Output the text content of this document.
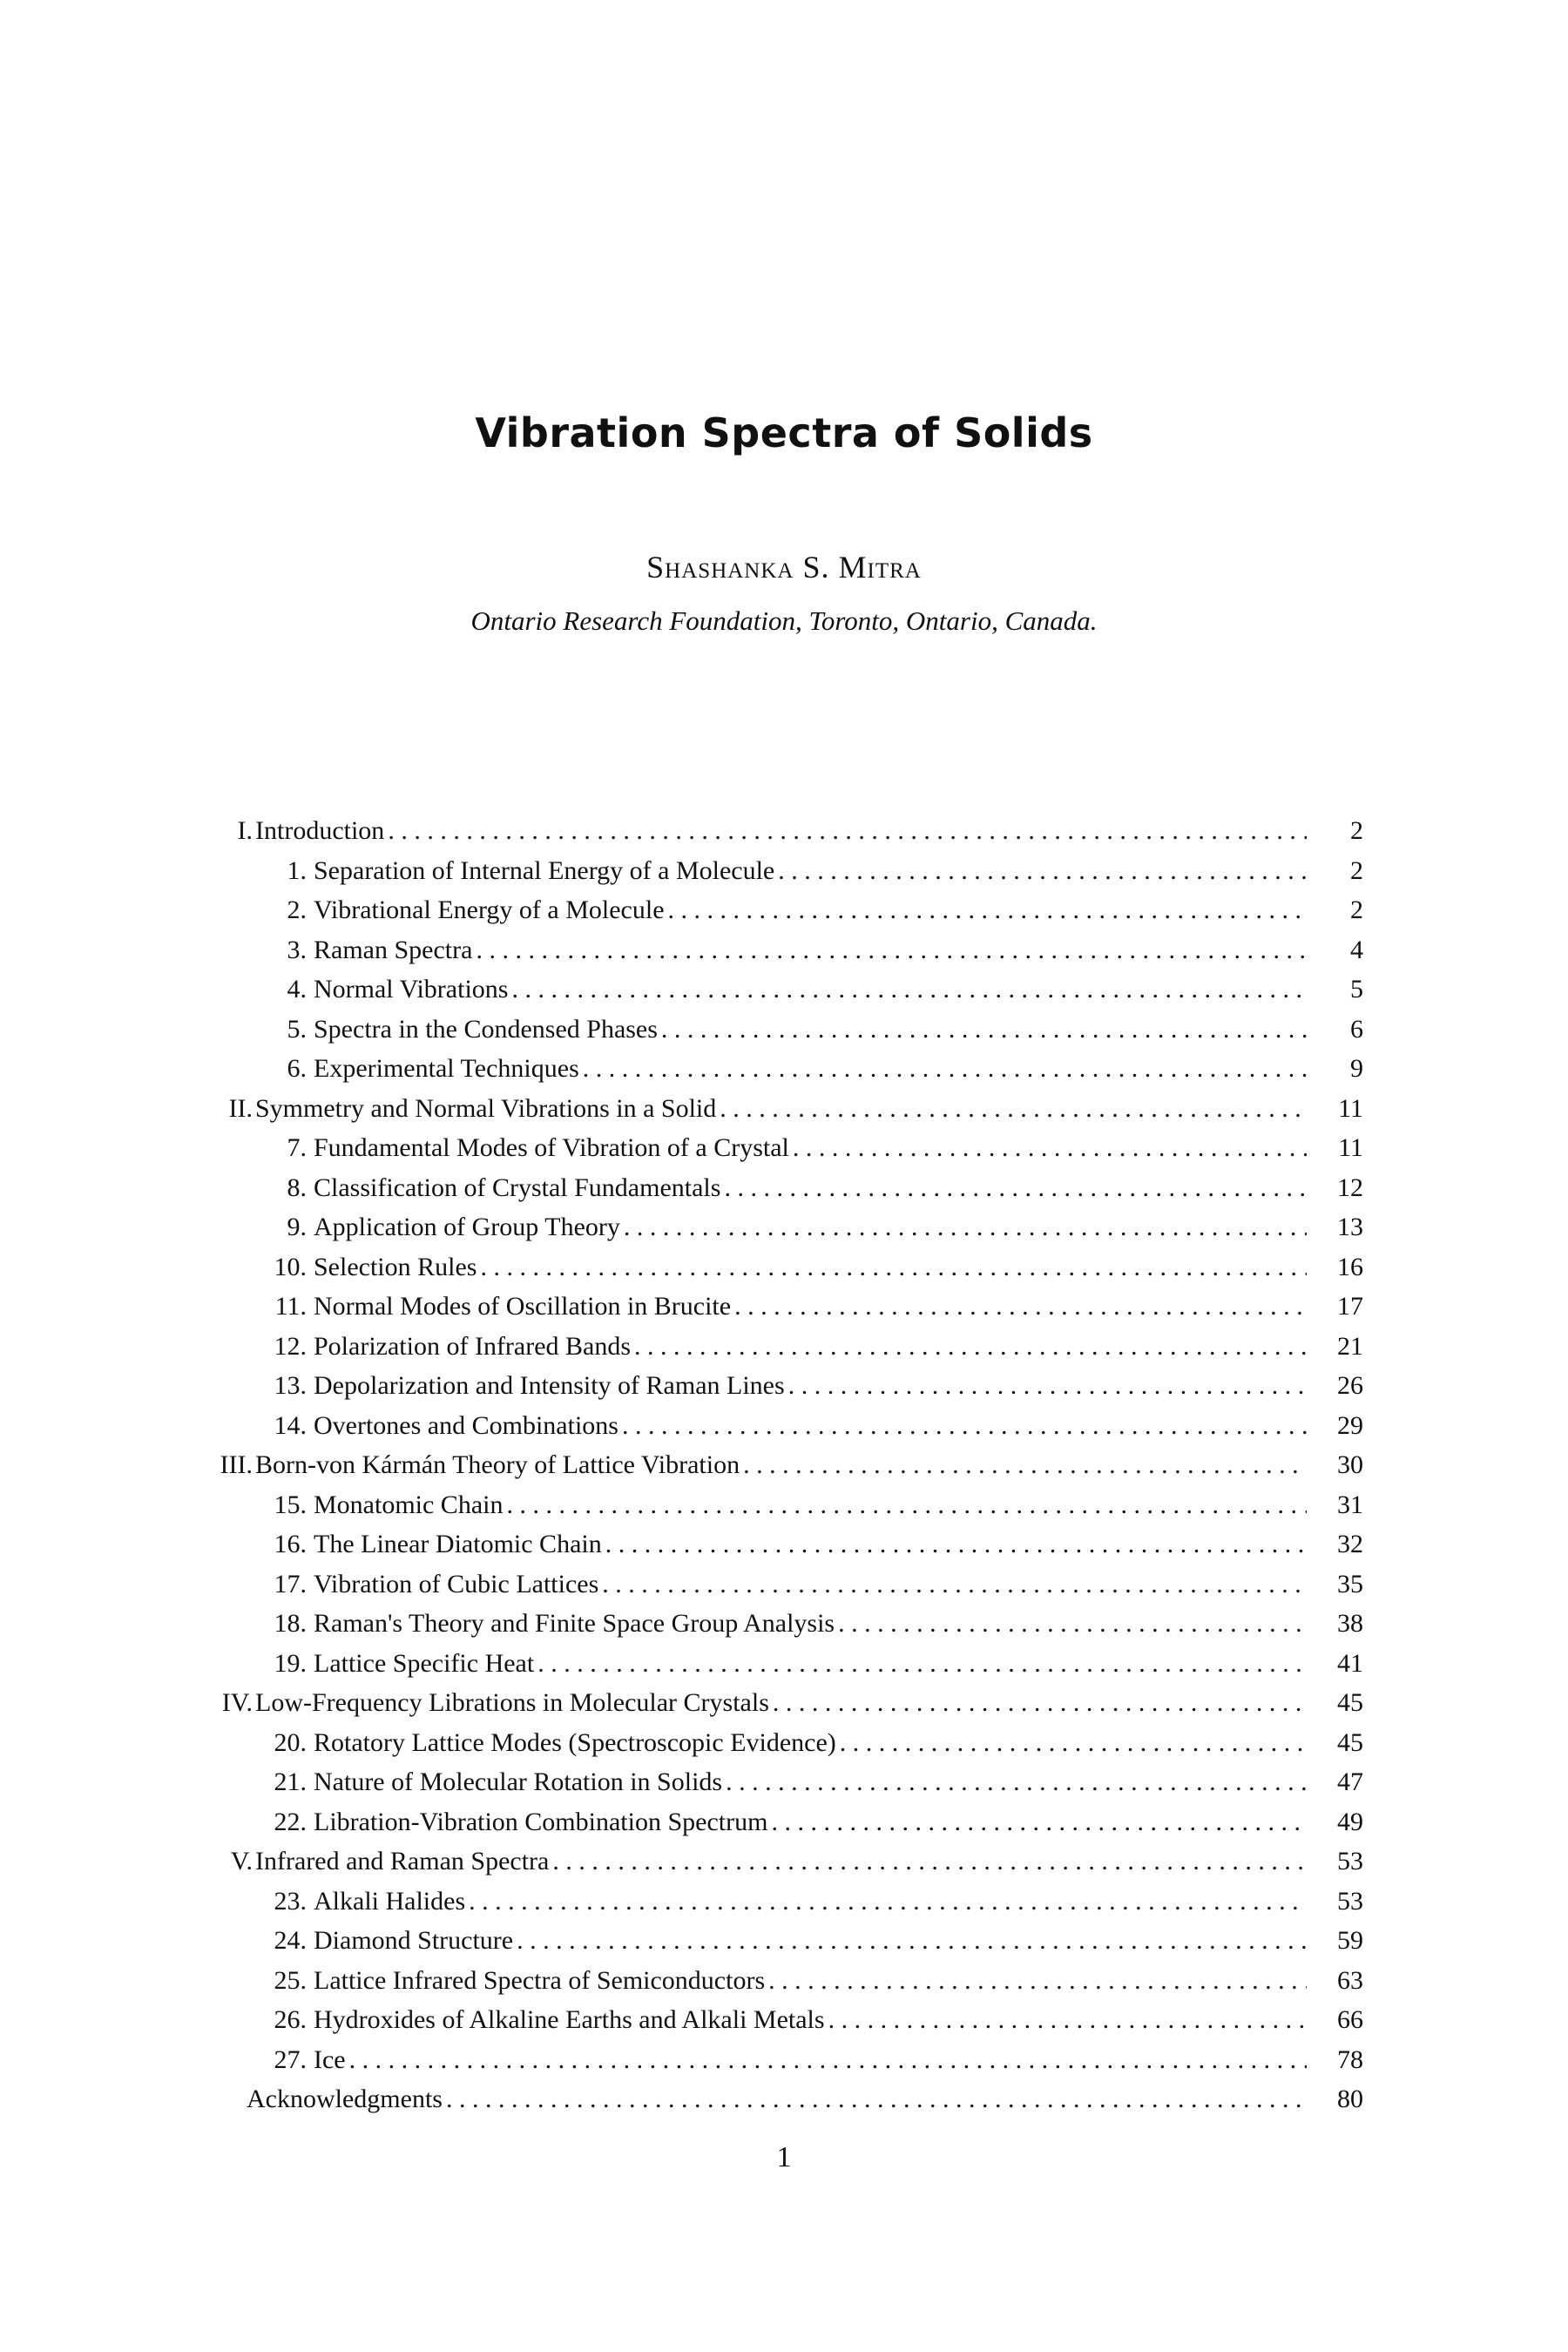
Vibration Spectra of Solids
Shashanka S. Mitra
Ontario Research Foundation, Toronto, Ontario, Canada.
I. Introduction . . .	2
1. Separation of Internal Energy of a Molecule . . .	2
2. Vibrational Energy of a Molecule . . .	2
3. Raman Spectra . . .	4
4. Normal Vibrations . . .	5
5. Spectra in the Condensed Phases . . .	6
6. Experimental Techniques . . .	9
II. Symmetry and Normal Vibrations in a Solid . . .	11
7. Fundamental Modes of Vibration of a Crystal . . .	11
8. Classification of Crystal Fundamentals . . .	12
9. Application of Group Theory . . .	13
10. Selection Rules . . .	16
11. Normal Modes of Oscillation in Brucite . . .	17
12. Polarization of Infrared Bands . . .	21
13. Depolarization and Intensity of Raman Lines . . .	26
14. Overtones and Combinations . . .	29
III. Born-von Kármán Theory of Lattice Vibration . . .	30
15. Monatomic Chain . . .	31
16. The Linear Diatomic Chain . . .	32
17. Vibration of Cubic Lattices . . .	35
18. Raman's Theory and Finite Space Group Analysis . . .	38
19. Lattice Specific Heat . . .	41
IV. Low-Frequency Librations in Molecular Crystals . . .	45
20. Rotatory Lattice Modes (Spectroscopic Evidence) . . .	45
21. Nature of Molecular Rotation in Solids . . .	47
22. Libration-Vibration Combination Spectrum . . .	49
V. Infrared and Raman Spectra . . .	53
23. Alkali Halides . . .	53
24. Diamond Structure . . .	59
25. Lattice Infrared Spectra of Semiconductors . . .	63
26. Hydroxides of Alkaline Earths and Alkali Metals . . .	66
27. Ice . . .	78
Acknowledgments . . .	80
1
